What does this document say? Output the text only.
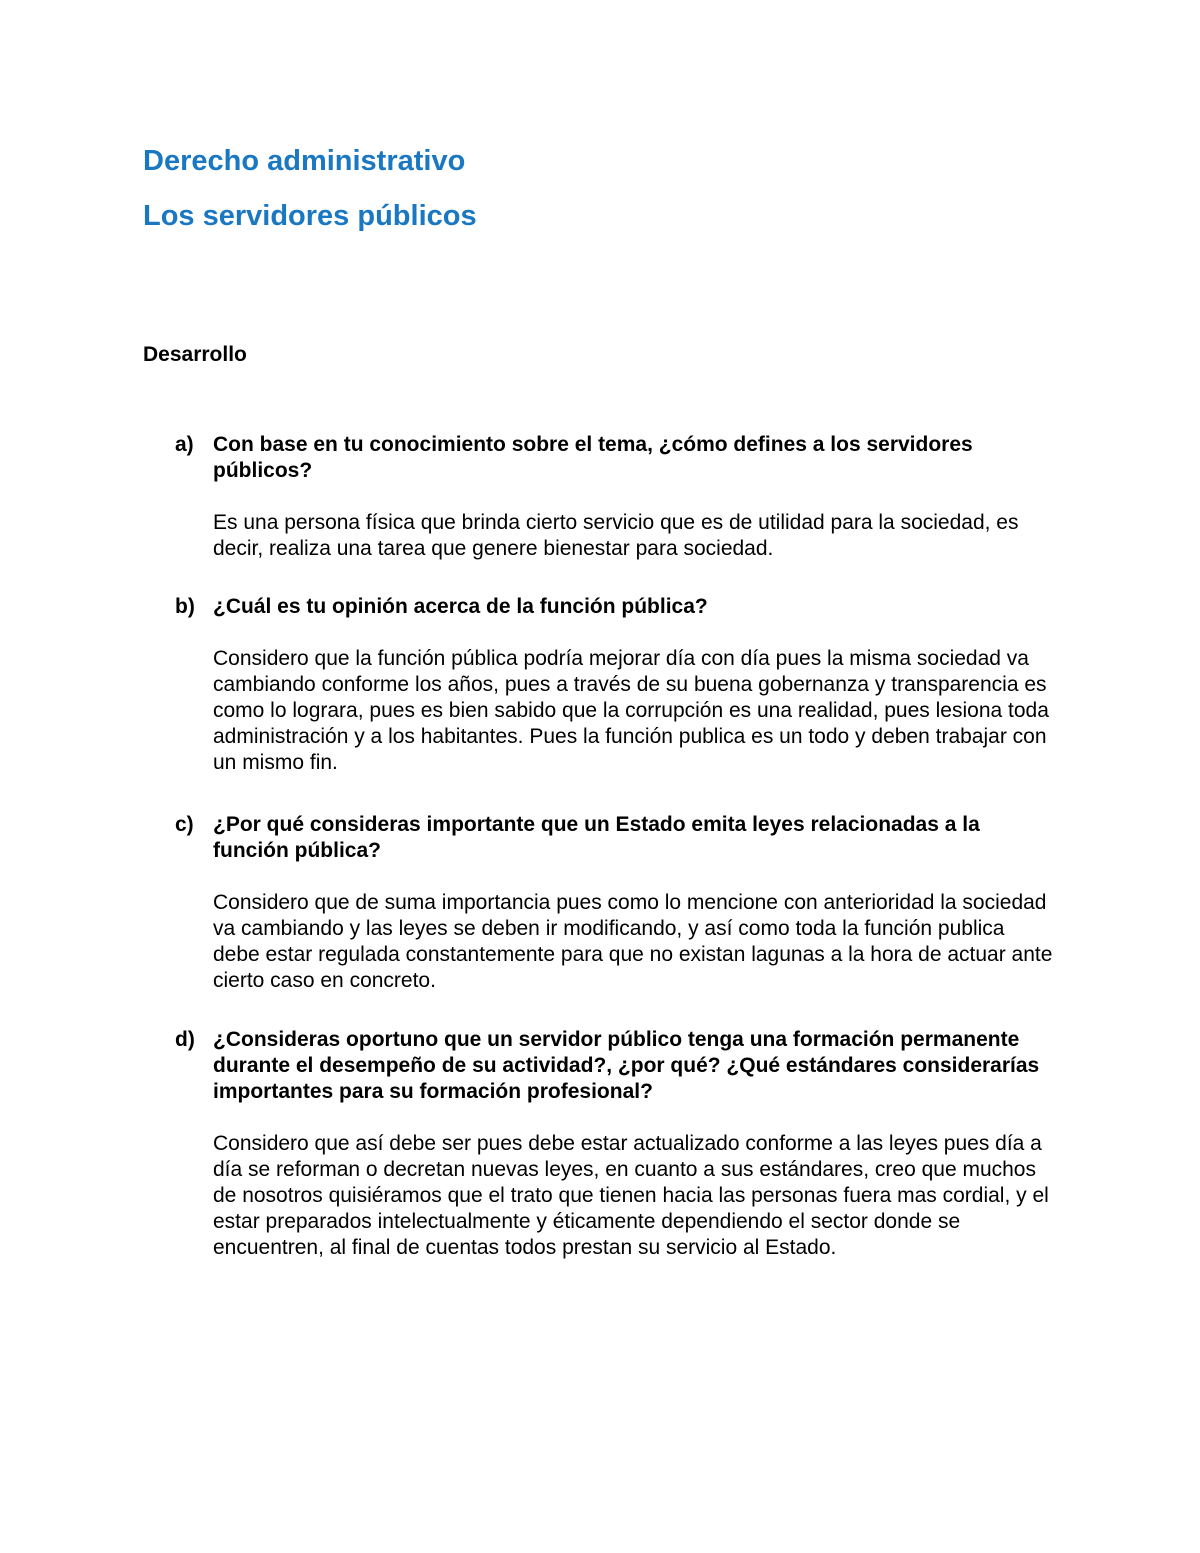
Derecho administrativo
Los servidores públicos
Desarrollo
a) Con base en tu conocimiento sobre el tema, ¿cómo defines a los servidores públicos?

Es una persona física que brinda cierto servicio que es de utilidad para la sociedad, es decir, realiza una tarea que genere bienestar para sociedad.

b) ¿Cuál es tu opinión acerca de la función pública?

Considero que la función pública podría mejorar día con día pues la misma sociedad va cambiando conforme los años, pues a través de su buena gobernanza y transparencia es como lo lograra, pues es bien sabido que la corrupción es una realidad, pues lesiona toda administración y a los habitantes. Pues la función publica es un todo y deben trabajar con un mismo fin.

c) ¿Por qué consideras importante que un Estado emita leyes relacionadas a la función pública?

Considero que de suma importancia pues como lo mencione con anterioridad la sociedad va cambiando y las leyes se deben ir modificando, y así como toda la función publica debe estar regulada constantemente para que no existan lagunas a la hora de actuar ante cierto caso en concreto.

d) ¿Consideras oportuno que un servidor público tenga una formación permanente durante el desempeño de su actividad?, ¿por qué? ¿Qué estándares considerarías importantes para su formación profesional?

Considero que así debe ser pues debe estar actualizado conforme a las leyes pues día a día se reforman o decretan nuevas leyes, en cuanto a sus estándares, creo que muchos de nosotros quisiéramos que el trato que tienen hacia las personas fuera mas cordial, y el estar preparados intelectualmente y éticamente dependiendo el sector donde se encuentren, al final de cuentas todos prestan su servicio al Estado.
